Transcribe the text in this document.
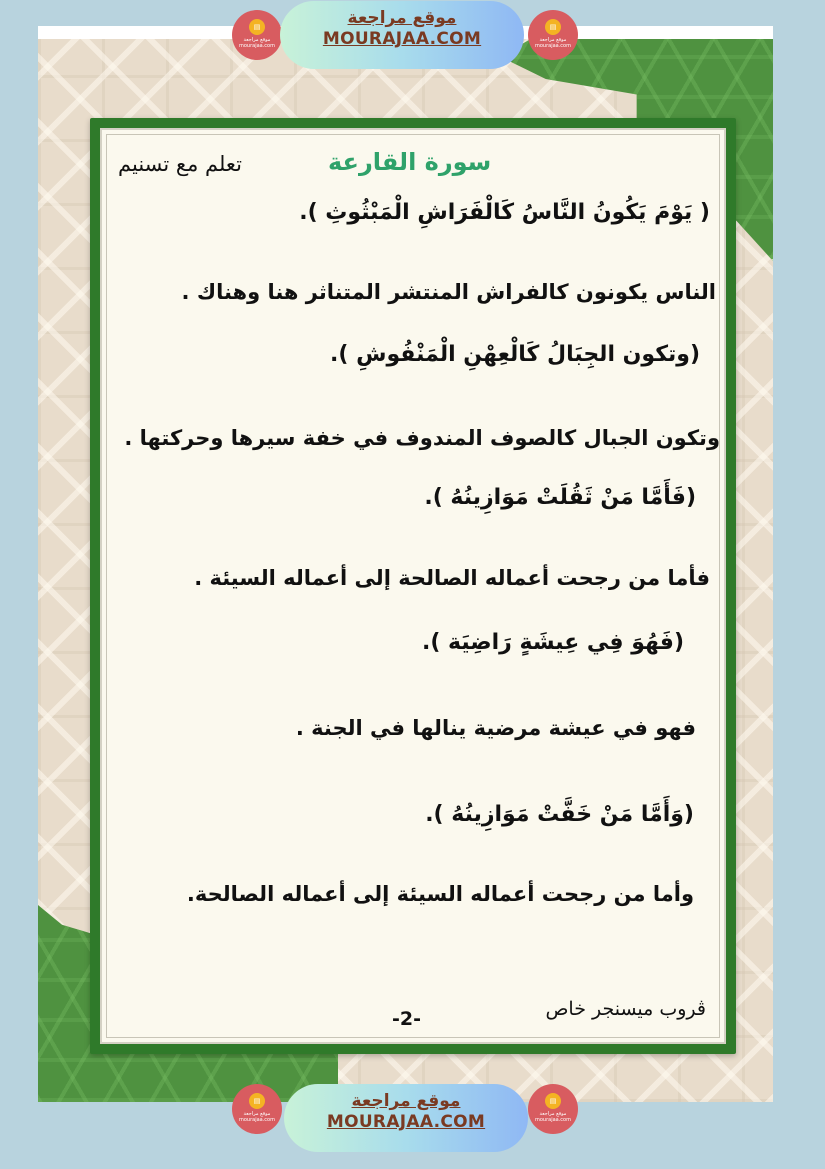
تعلم مع تسنيم	سورة القارعة
( يَوْمَ يَكُونُ النَّاسُ كَالْفَرَاشِ الْمَبْثُوثِ ).
الناس يكونون كالفراش المنتشر المتناثر هنا وهناك .
(وتكون الجِبَالُ كَالْعِهْنِ الْمَنْفُوشِ ).
وتكون الجبال كالصوف المندوف في خفة سيرها وحركتها .
(فَأَمَّا مَنْ ثَقُلَتْ مَوَازِينُهُ ).
فأما من رجحت أعماله الصالحة إلى أعماله السيئة .
(فَهُوَ فِي عِيشَةٍ رَاضِيَة ).
فهو في عيشة مرضية ينالها في الجنة .
(وَأَمَّا مَنْ خَفَّتْ مَوَازِينُهُ ).
وأما من رجحت أعماله السيئة إلى أعماله الصالحة.
ڤروب ميسنجر خاص
-2-
▤
موقع مراجعة
mourajaa.com
موقع مراجعة
MOURAJAA.COM
▤
موقع مراجعة
mourajaa.com
▤
موقع مراجعة
mourajaa.com
موقع مراجعة
MOURAJAA.COM
▤
موقع مراجعة
mourajaa.com
